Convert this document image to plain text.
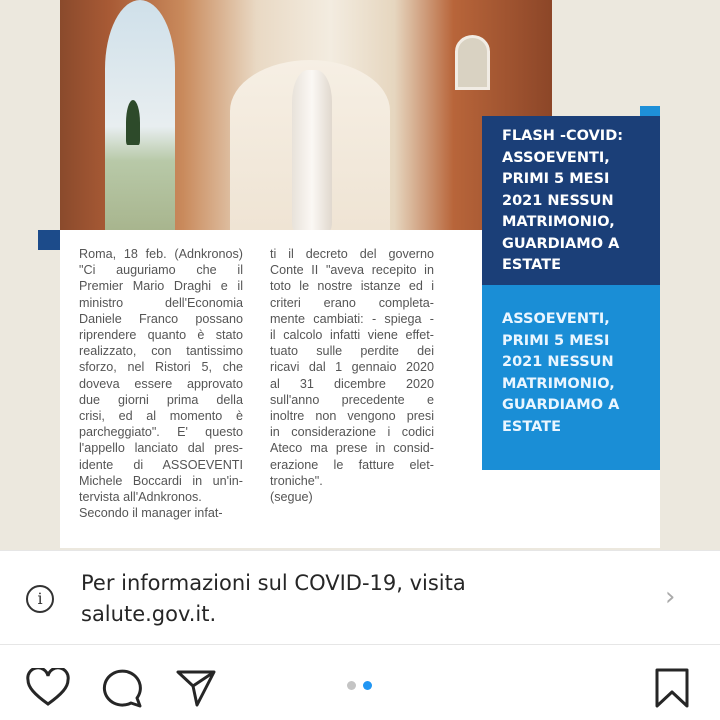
Roma, 18 feb. (Adnkronos)
"Ci auguriamo che il
Premier Mario Draghi e il
ministro dell'Economia
Daniele Franco possano
riprendere quanto è stato
realizzato, con tantissimo
sforzo, nel Ristori 5, che
doveva essere approvato
due giorni prima della
crisi, ed al momento è
parcheggiato". E' questo
l'appello lanciato dal pres-
idente di ASSOEVENTI
Michele Boccardi in un'in-
tervista all'Adnkronos.
Secondo il manager infat-
ti il decreto del governo
Conte II "aveva recepito in
toto le nostre istanze ed i
criteri erano completa-
mente cambiati: - spiega -
il calcolo infatti viene effet-
tuato sulle perdite dei
ricavi dal 1 gennaio 2020
al 31 dicembre 2020
sull'anno precedente e
inoltre non vengono presi
in considerazione i codici
Ateco ma prese in consid-
erazione le fatture elet-
troniche".
(segue)
FLASH -COVID:
ASSOEVENTI,
PRIMI 5 MESI
2021 NESSUN
MATRIMONIO,
GUARDIAMO A
ESTATE
ASSOEVENTI,
PRIMI 5 MESI
2021 NESSUN
MATRIMONIO,
GUARDIAMO A
ESTATE
i
Per informazioni sul COVID-19, visita
salute.gov.it.
›
